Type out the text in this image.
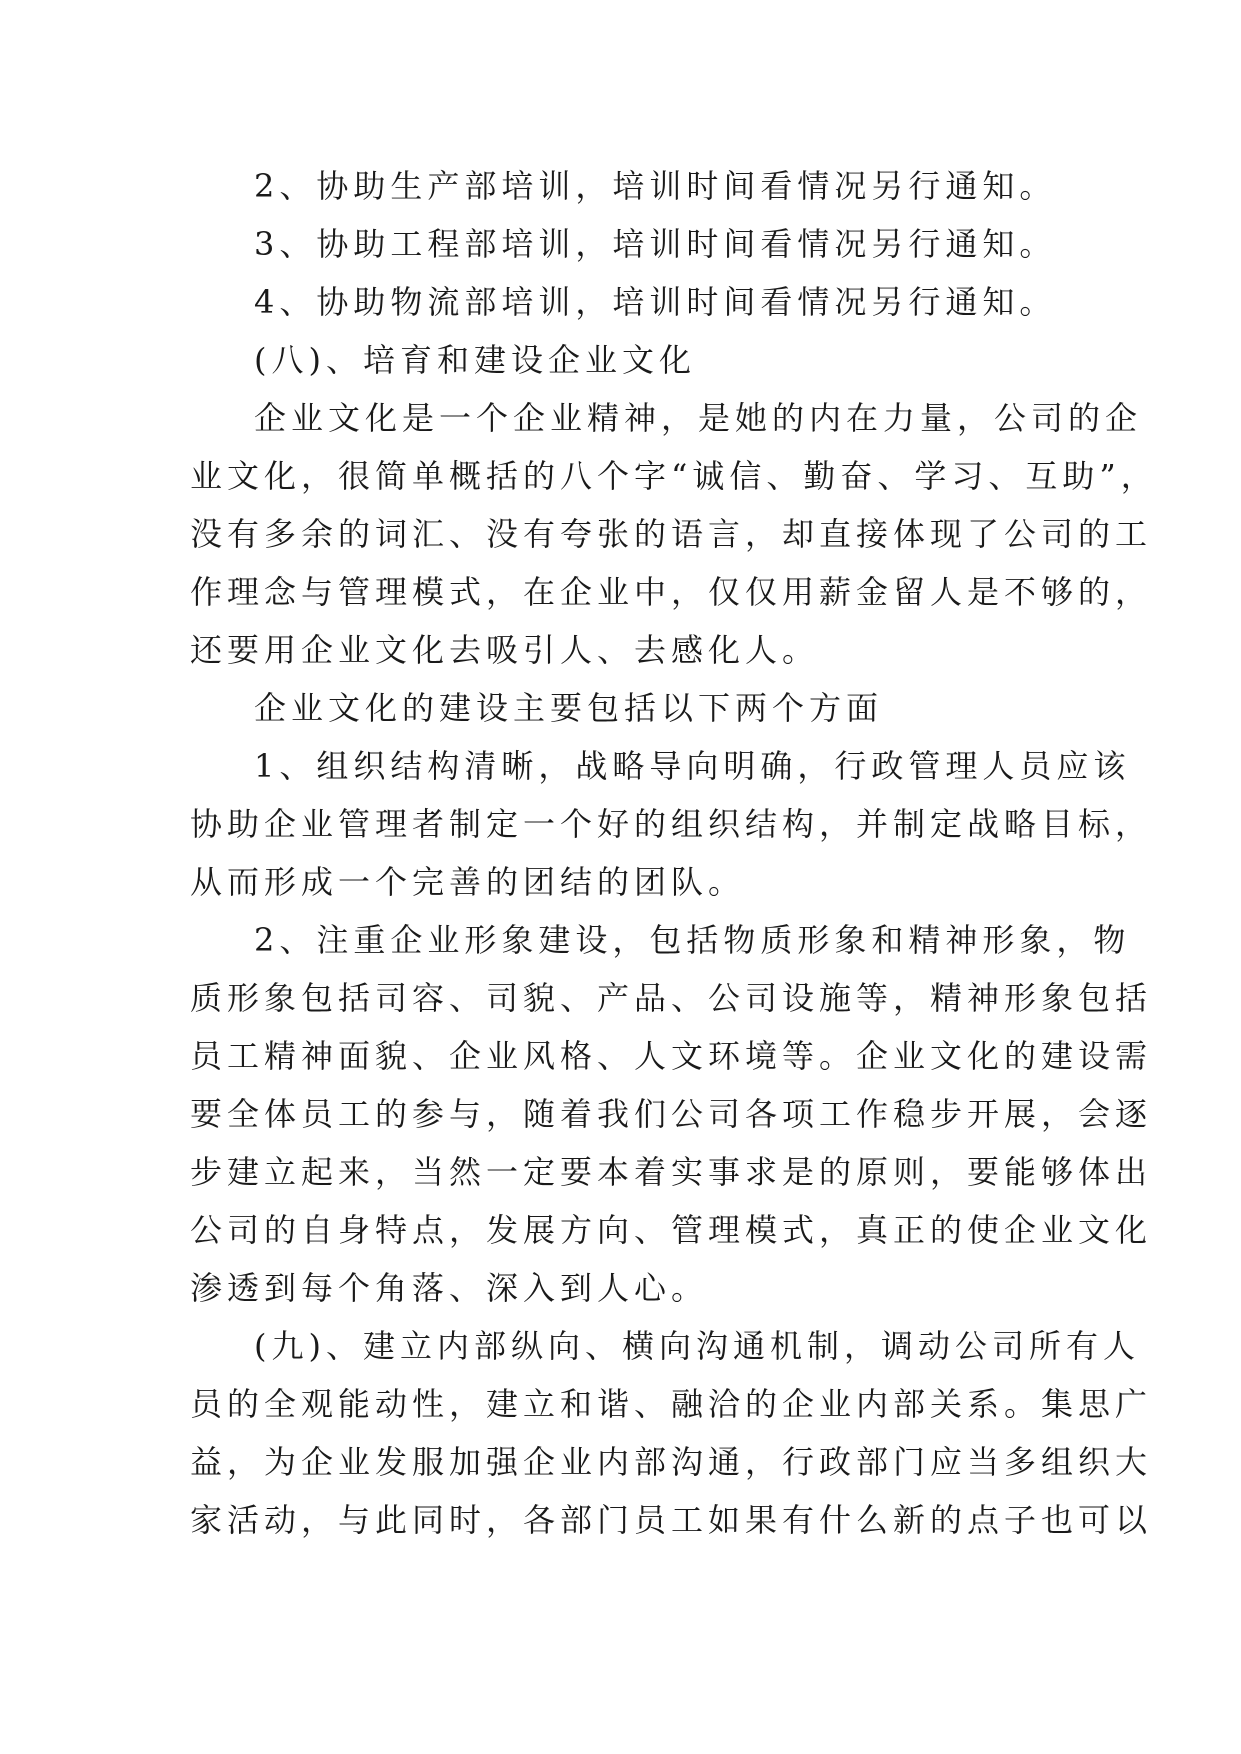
2、协助生产部培训，培训时间看情况另行通知。
3、协助工程部培训，培训时间看情况另行通知。
4、协助物流部培训，培训时间看情况另行通知。
(八)、培育和建设企业文化
企业文化是一个企业精神，是她的内在力量，公司的企
业文化，很简单概括的八个字“诚信、勤奋、学习、互助”，
没有多余的词汇、没有夸张的语言，却直接体现了公司的工
作理念与管理模式，在企业中，仅仅用薪金留人是不够的，
还要用企业文化去吸引人、去感化人。
企业文化的建设主要包括以下两个方面
1、组织结构清晰，战略导向明确，行政管理人员应该
协助企业管理者制定一个好的组织结构，并制定战略目标，
从而形成一个完善的团结的团队。
2、注重企业形象建设，包括物质形象和精神形象，物
质形象包括司容、司貌、产品、公司设施等，精神形象包括
员工精神面貌、企业风格、人文环境等。企业文化的建设需
要全体员工的参与，随着我们公司各项工作稳步开展，会逐
步建立起来，当然一定要本着实事求是的原则，要能够体出
公司的自身特点，发展方向、管理模式，真正的使企业文化
渗透到每个角落、深入到人心。
(九)、建立内部纵向、横向沟通机制，调动公司所有人
员的全观能动性，建立和谐、融洽的企业内部关系。集思广
益，为企业发服加强企业内部沟通，行政部门应当多组织大
家活动，与此同时，各部门员工如果有什么新的点子也可以
